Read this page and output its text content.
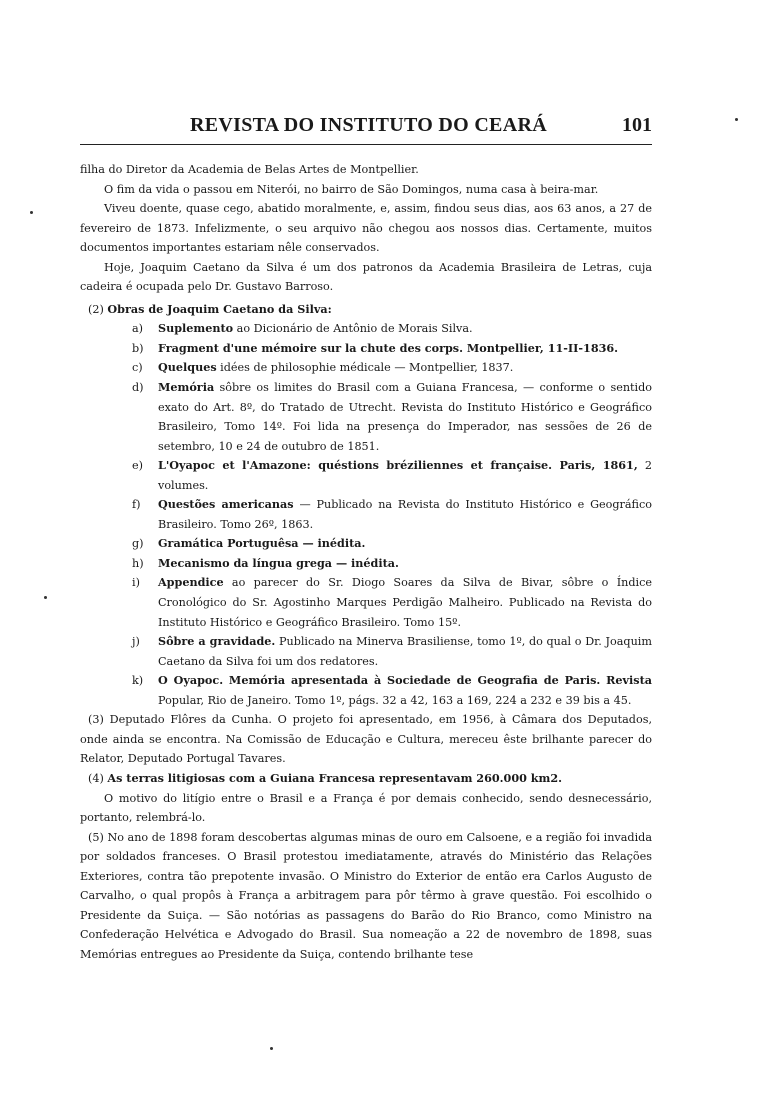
REVISTA DO INSTITUTO DO CEARÁ	101

filha do Diretor da Academia de Belas Artes de Montpellier.

O fim da vida o passou em Niterói, no bairro de São Domingos, numa casa à beira-mar.

Viveu doente, quase cego, abatido moralmente, e, assim, findou seus dias, aos 63 anos, a 27 de fevereiro de 1873. Infelizmente, o seu arquivo não chegou aos nossos dias. Certamente, muitos documentos importantes estariam nêle conservados.

Hoje, Joaquim Caetano da Silva é um dos patronos da Academia Brasileira de Letras, cuja cadeira é ocupada pelo Dr. Gustavo Barroso.

(2) Obras de Joaquim Caetano da Silva:

a)	Suplemento ao Dicionário de Antônio de Morais Silva.
b)	Fragment d'une mémoire sur la chute des corps. Montpellier, 11-II-1836.
c)	Quelques idées de philosophie médicale — Montpellier, 1837.
d)	Memória sôbre os limites do Brasil com a Guiana Francesa, — conforme o sentido exato do Art. 8º, do Tratado de Utrecht. Revista do Instituto Histórico e Geográfico Brasileiro, Tomo 14º. Foi lida na presença do Imperador, nas sessões de 26 de setembro, 10 e 24 de outubro de 1851.
e)	L'Oyapoc et l'Amazone: quéstions bréziliennes et française. Paris, 1861, 2 volumes.
f)	Questões americanas — Publicado na Revista do Instituto Histórico e Geográfico Brasileiro. Tomo 26º, 1863.
g)	Gramática Portuguêsa — inédita.
h)	Mecanismo da língua grega — inédita.
i)	Appendice ao parecer do Sr. Diogo Soares da Silva de Bivar, sôbre o Índice Cronológico do Sr. Agostinho Marques Perdigão Malheiro. Publicado na Revista do Instituto Histórico e Geográfico Brasileiro. Tomo 15º.
j)	Sôbre a gravidade. Publicado na Minerva Brasiliense, tomo 1º, do qual o Dr. Joaquim Caetano da Silva foi um dos redatores.
k)	O Oyapoc. Memória apresentada à Sociedade de Geografia de Paris. Revista Popular, Rio de Janeiro. Tomo 1º, págs. 32 a 42, 163 a 169, 224 a 232 e 39 bis a 45.

(3) Deputado Flôres da Cunha. O projeto foi apresentado, em 1956, à Câmara dos Deputados, onde ainda se encontra. Na Comissão de Educação e Cultura, mereceu êste brilhante parecer do Relator, Deputado Portugal Tavares.

(4) As terras litigiosas com a Guiana Francesa representavam 260.000 km2.

O motivo do litígio entre o Brasil e a França é por demais conhecido, sendo desnecessário, portanto, relembrá-lo.

(5) No ano de 1898 foram descobertas algumas minas de ouro em Calsoene, e a região foi invadida por soldados franceses. O Brasil protestou imediatamente, através do Ministério das Relações Exteriores, contra tão prepotente invasão. O Ministro do Exterior de então era Carlos Augusto de Carvalho, o qual propôs à França a arbitragem para pôr têrmo à grave questão. Foi escolhido o Presidente da Suiça. — São notórias as passagens do Barão do Rio Branco, como Ministro na Confederação Helvética e Advogado do Brasil. Sua nomeação a 22 de novembro de 1898, suas Memórias entregues ao Presidente da Suiça, contendo brilhante tese
